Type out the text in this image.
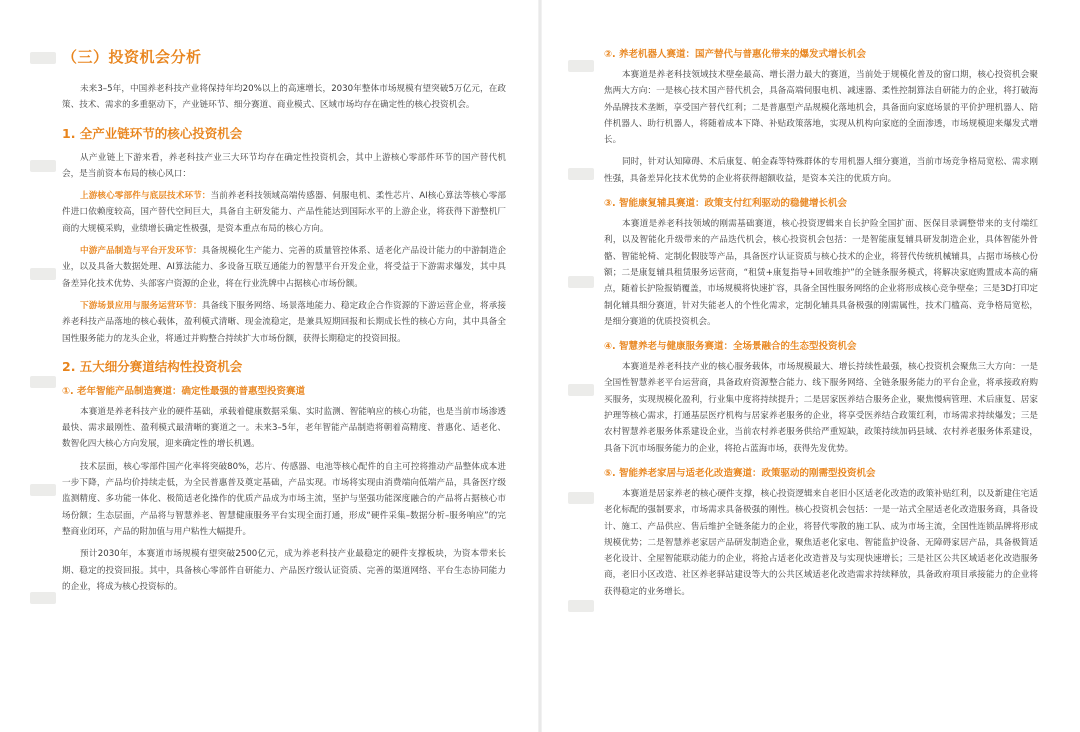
（三）投资机会分析

未来3–5年，中国养老科技产业将保持年均20%以上的高速增长，2030年整体市场规模有望突破5万亿元，在政策、技术、需求的多重驱动下，产业链环节、细分赛道、商业模式、区域市场均存在确定性的核心投资机会。

1. 全产业链环节的核心投资机会

从产业链上下游来看，养老科技产业三大环节均存在确定性投资机会，其中上游核心零部件环节的国产替代机会，是当前资本布局的核心风口：

上游核心零部件与底层技术环节：当前养老科技领域高端传感器、伺服电机、柔性芯片、AI核心算法等核心零部件进口依赖度较高，国产替代空间巨大，具备自主研发能力、产品性能达到国际水平的上游企业，将获得下游整机厂商的大规模采购，业绩增长确定性极强，是资本重点布局的核心方向。

中游产品制造与平台开发环节：具备规模化生产能力、完善的质量管控体系、适老化产品设计能力的中游制造企业，以及具备大数据处理、AI算法能力、多设备互联互通能力的智慧平台开发企业，将受益于下游需求爆发，其中具备差异化技术优势、头部客户资源的企业，将在行业洗牌中占据核心市场份额。

下游场景应用与服务运营环节：具备线下服务网络、场景落地能力、稳定政企合作资源的下游运营企业，将承接养老科技产品落地的核心载体，盈利模式清晰、现金流稳定，是兼具短期回报和长期成长性的核心方向，其中具备全国性服务能力的龙头企业，将通过并购整合持续扩大市场份额，获得长期稳定的投资回报。

2. 五大细分赛道结构性投资机会
①. 老年智能产品制造赛道：确定性最强的普惠型投资赛道

本赛道是养老科技产业的硬件基础，承载着健康数据采集、实时监测、智能响应的核心功能，也是当前市场渗透最快、需求最刚性、盈利模式最清晰的赛道之一。未来3–5年，老年智能产品制造将朝着高精度、普惠化、适老化、数智化四大核心方向发展，迎来确定性的增长机遇。

技术层面，核心零部件国产化率将突破80%，芯片、传感器、电池等核心配件的自主可控将推动产品整体成本进一步下降，产品均价持续走低，为全民普惠普及奠定基础，产品实现。市场将实现由消费端向低端产品，具备医疗级监测精度、多功能一体化、极简适老化操作的优质产品成为市场主流，坚护与坚强功能深度融合的产品将占据核心市场份额；生态层面，产品将与智慧养老、智慧健康服务平台实现全面打通，形成“硬件采集–数据分析–服务响应”的完整商业闭环，产品的附加值与用户粘性大幅提升。

预计2030年，本赛道市场规模有望突破2500亿元，成为养老科技产业最稳定的硬件支撑板块，为资本带来长期、稳定的投资回报。其中，具备核心零部件自研能力、产品医疗级认证资质、完善的渠道网络、平台生态协同能力的企业，将成为核心投资标的。

②. 养老机器人赛道：国产替代与普惠化带来的爆发式增长机会

本赛道是养老科技领域技术壁垒最高、增长潜力最大的赛道，当前处于规模化普及的窗口期，核心投资机会聚焦两大方向：一是核心技术国产替代机会，具备高端伺服电机、减速器、柔性控制算法自研能力的企业，将打破海外品牌技术垄断，享受国产替代红利；二是普惠型产品规模化落地机会，具备面向家庭场景的平价护理机器人、陪伴机器人、助行机器人，将随着成本下降、补贴政策落地，实现从机构向家庭的全面渗透，市场规模迎来爆发式增长。

同时，针对认知障碍、术后康复、帕金森等特殊群体的专用机器人细分赛道，当前市场竞争格局宽松、需求刚性强，具备差异化技术优势的企业将获得超额收益，是资本关注的优质方向。

③. 智能康复辅具赛道：政策支付红利驱动的稳健增长机会

本赛道是养老科技领域的刚需基础赛道，核心投资逻辑来自长护险全国扩面、医保目录调整带来的支付端红利，以及智能化升级带来的产品迭代机会，核心投资机会包括：一是智能康复辅具研发制造企业，具体智能外骨骼、智能轮椅、定制化假肢等产品，具备医疗认证资质与核心技术的企业，将替代传统机械辅具，占据市场核心份额；二是康复辅具租赁服务运营商，“租赁+康复指导+回收维护”的全链条服务模式，将解决家庭购置成本高的痛点，随着长护险报销覆盖，市场规模将快速扩容，具备全国性服务网络的企业将形成核心竞争壁垒；三是3D打印定制化辅具细分赛道，针对失能老人的个性化需求，定制化辅具具备极强的刚需属性，技术门槛高、竞争格局宽松，是细分赛道的优质投资机会。

④. 智慧养老与健康服务赛道：全场景融合的生态型投资机会

本赛道是养老科技产业的核心服务载体，市场规模最大、增长持续性最强，核心投资机会聚焦三大方向：一是全国性智慧养老平台运营商，具备政府资源整合能力、线下服务网络、全链条服务能力的平台企业，将承接政府购买服务，实现规模化盈利，行业集中度将持续提升；二是居家医养结合服务企业，聚焦慢病管理、术后康复、居家护理等核心需求，打通基层医疗机构与居家养老服务的企业，将享受医养结合政策红利，市场需求持续爆发；三是农村智慧养老服务体系建设企业，当前农村养老服务供给严重短缺，政策持续加码县域、农村养老服务体系建设，具备下沉市场服务能力的企业，将抢占蓝海市场，获得先发优势。

⑤. 智能养老家居与适老化改造赛道：政策驱动的刚需型投资机会

本赛道是居家养老的核心硬件支撑，核心投资逻辑来自老旧小区适老化改造的政策补贴红利，以及新建住宅适老化标配的强制要求，市场需求具备极强的刚性。核心投资机会包括：一是一站式全屋适老化改造服务商，具备设计、施工、产品供应、售后维护全链条能力的企业，将替代零散的施工队、成为市场主流，全国性连锁品牌将形成规模优势；二是智慧养老家居产品研发制造企业，聚焦适老化家电、智能监护设备、无障碍家居产品，具备极简适老化设计、全屋智能联动能力的企业，将抢占适老化改造普及与实现快速增长；三是社区公共区域适老化改造服务商，老旧小区改造、社区养老驿站建设等大的公共区域适老化改造需求持续释放，具备政府项目承接能力的企业将获得稳定的业务增长。
